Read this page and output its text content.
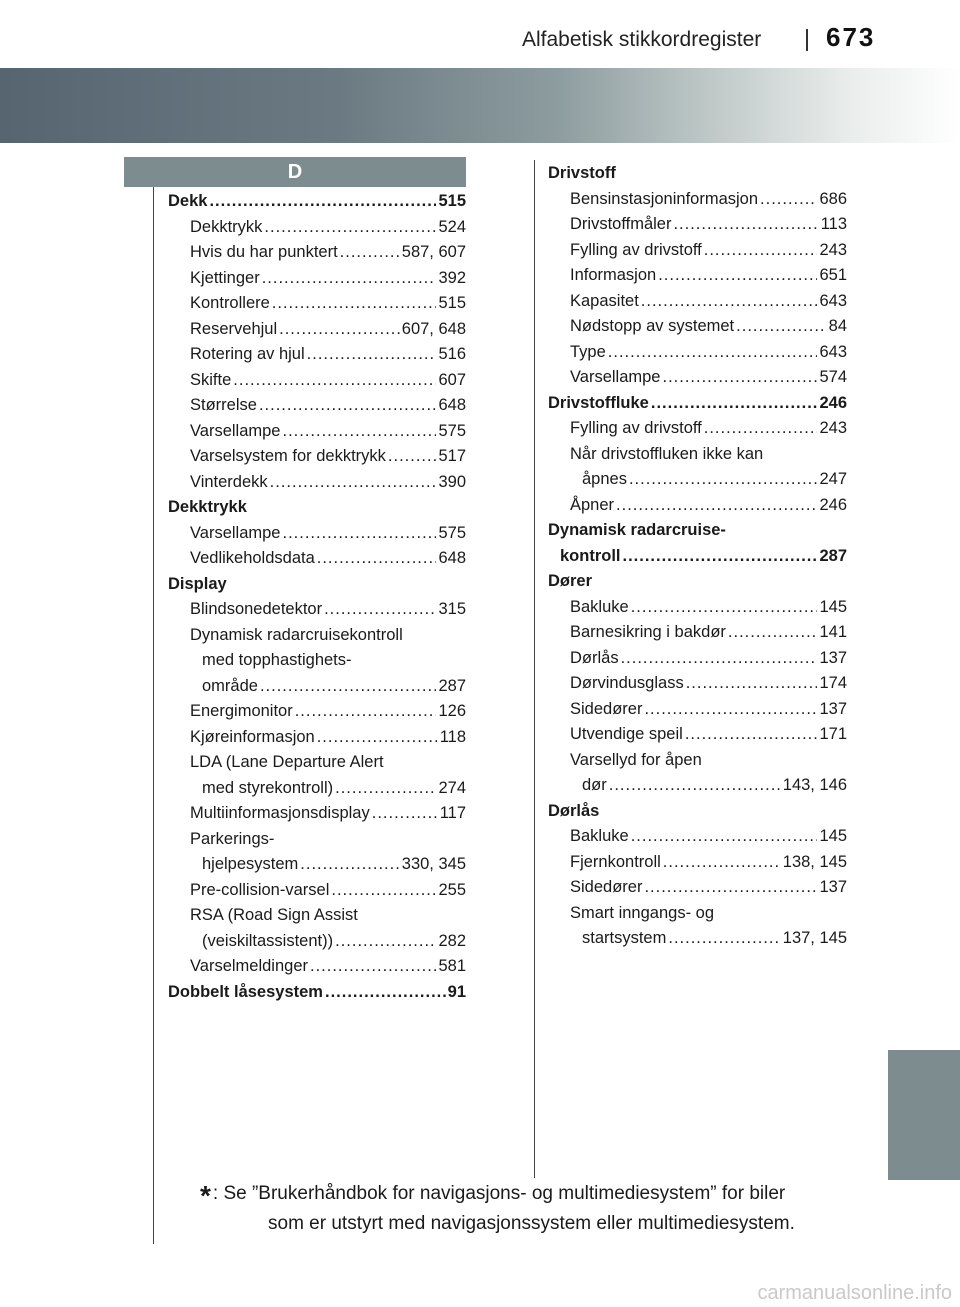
Alfabetisk stikkordregister 673
D
Dekk .....	515
Dekktrykk .....	524
Hvis du har punktert .....	587, 607
Kjettinger .....	392
Kontrollere .....	515
Reservehjul .....	607, 648
Rotering av hjul .....	516
Skifte .....	607
Størrelse .....	648
Varsellampe .....	575
Varselsystem for dekktrykk .....	517
Vinterdekk .....	390
Dekktrykk
Varsellampe .....	575
Vedlikeholdsdata .....	648
Display
Blindsonedetektor .....	315
Dynamisk radarcruisekontroll
med topphastighets-
område .....	287
Energimonitor .....	126
Kjøreinformasjon .....	118
LDA (Lane Departure Alert
med styrekontroll) .....	274
Multiinformasjonsdisplay .....	117
Parkerings-
hjelpesystem .....	330, 345
Pre-collision-varsel .....	255
RSA (Road Sign Assist
(veiskiltassistent)) .....	282
Varselmeldinger .....	581
Dobbelt låsesystem .....	91
Drivstoff
Bensinstasjoninformasjon .....	686
Drivstoffmåler .....	113
Fylling av drivstoff .....	243
Informasjon .....	651
Kapasitet .....	643
Nødstopp av systemet .....	84
Type .....	643
Varsellampe .....	574
Drivstoffluke .....	246
Fylling av drivstoff .....	243
Når drivstoffluken ikke kan
åpnes .....	247
Åpner .....	246
Dynamisk radarcruise-
kontroll .....	287
Dører
Bakluke .....	145
Barnesikring i bakdør .....	141
Dørlås .....	137
Dørvindusglass .....	174
Sidedører .....	137
Utvendige speil .....	171
Varsellyd for åpen
dør .....	143, 146
Dørlås
Bakluke .....	145
Fjernkontroll .....	138, 145
Sidedører .....	137
Smart inngangs- og
startsystem .....	137, 145
* : Se ”Brukerhåndbok for navigasjons- og multimediesystem” for biler
som er utstyrt med navigasjonssystem eller multimediesystem.
carmanualsonline.info
